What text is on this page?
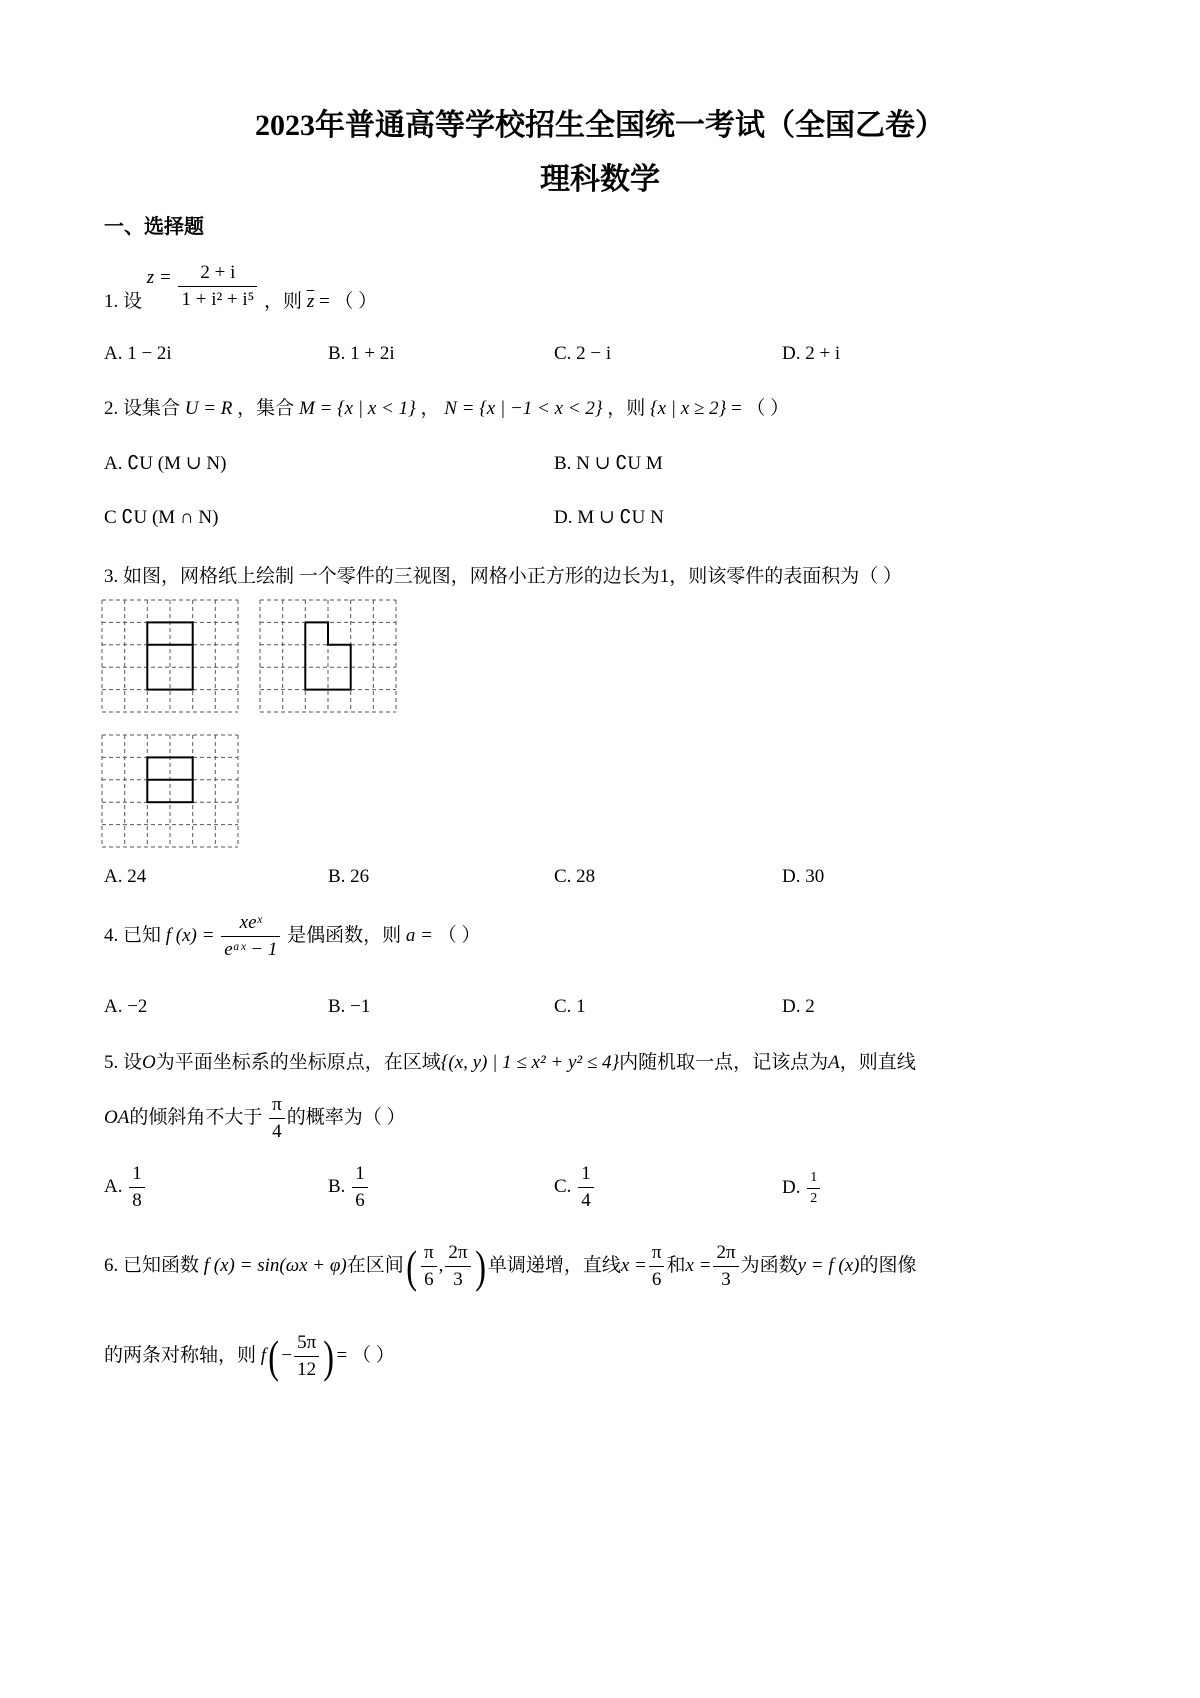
2023年普通高等学校招生全国统一考试（全国乙卷）
理科数学
一、选择题
1. 设 $z = \frac{2 + i}{\text{1 + i² + i⁵}}$ ，则 $\overline{z}$ = （ ）
A. 1 − 2i	B. 1 + 2i	C. 2 − i	D. 2 + i
2. 设集合 U = R ，集合 M = {x | x < 1} ， N = {x | −1 < x < 2} ，则 {x | x ≥ 2} = （ ）
A. ∁U (M ∪ N)	B. N ∪ ∁U M
C ∁U (M ∩ N)	D. M ∪ ∁U N
3. 如图，网格纸上绘制 一个零件的三视图，网格小正方形的边长为1，则该零件的表面积为（ ）
A. 24	B. 26	C. 28	D. 30
4. 已知 f $(x) = \frac{\text{xeˣ}}{\text{eᵃˣ − 1}}$ 是偶函数，则 a = （ ）
A. −2	B. −1	C. 1	D. 2
5. 设O为平面坐标系的坐标原点，在区域{(x, y) | 1 ≤ x² + y² ≤ 4}内随机取一点，记该点为A，则直线
OA的倾斜角不大于 $\frac{\pi}{4}$ 的概率为（ ）
A. $\frac{1}{8}$	B. $\frac{1}{6}$	C. $\frac{1}{4}$	D. $\frac{1}{2}$
6. 已知函数 f (x) = sin(ωx + φ)在区间( $\frac{\pi}{6}$ , $\frac{2\pi}{3}$ ) 单调递增，直线$x = \frac{\pi}{6}$ 和$x = \frac{2\pi}{3}$ 为函数y = f (x)的图像
的两条对称轴，则 $f( - \frac{5\pi}{12}$ ) = （ ）
